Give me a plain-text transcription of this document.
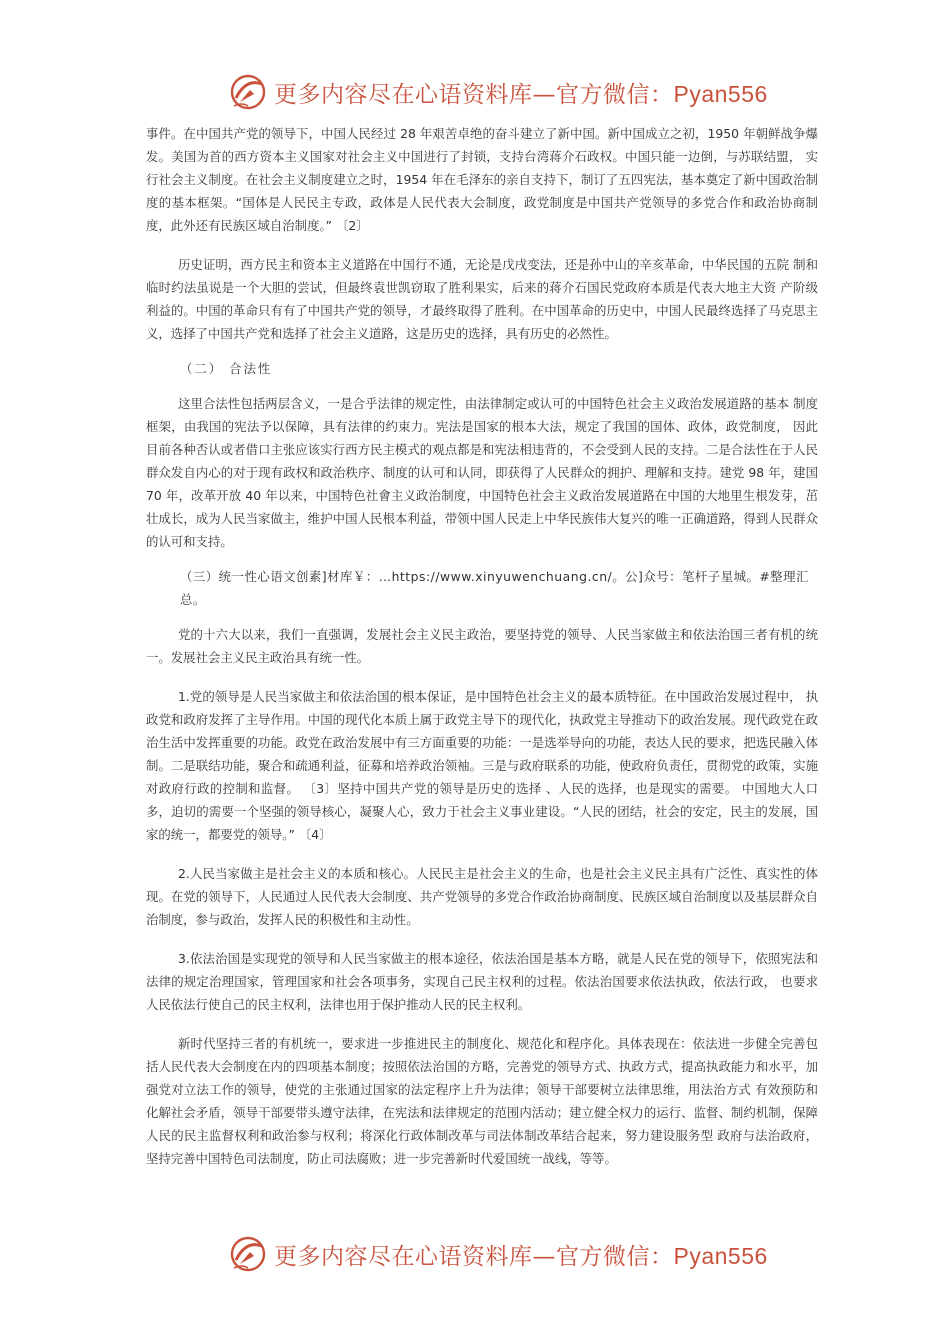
更多内容尽在心语资料库—官方微信：Pyan556

事件。在中国共产党的领导下，中国人民经过 28 年艰苦卓绝的奋斗建立了新中国。新中国成立之初，1950 年朝鲜战争爆发。美国为首的西方资本主义国家对社会主义中国进行了封锁，支持台湾蒋介石政权。中国只能一边倒，与苏联结盟， 实行社会主义制度。在社会主义制度建立之时，1954 年在毛泽东的亲自支持下，制订了五四宪法，基本奠定了新中国政治制度的基本框架。“国体是人民民主专政，政体是人民代表大会制度，政党制度是中国共产党领导的多党合作和政治协商制度，此外还有民族区域自治制度。” 〔2〕

历史证明，西方民主和资本主义道路在中国行不通，无论是戊戌变法，还是孙中山的辛亥革命，中华民国的五院 制和临时约法虽说是一个大胆的尝试，但最终袁世凯窃取了胜利果实，后来的蒋介石国民党政府本质是代表大地主大资 产阶级利益的。中国的革命只有有了中国共产党的领导，才最终取得了胜利。在中国革命的历史中，中国人民最终选择了马克思主义，选择了中国共产党和选择了社会主义道路，这是历史的选择，具有历史的必然性。

（二） 合法性

这里合法性包括两层含义，一是合乎法律的规定性，由法律制定或认可的中国特色社会主义政治发展道路的基本 制度框架，由我国的宪法予以保障，具有法律的约束力。宪法是国家的根本大法，规定了我国的国体、政体，政党制度， 因此目前各种否认或者借口主张应该实行西方民主模式的观点都是和宪法相违背的，不会受到人民的支持。二是合法性在于人民群众发自内心的对于现有政权和政治秩序、制度的认可和认同，即获得了人民群众的拥护、理解和支持。建党 98 年，建国 70 年，改革开放 40 年以来，中国特色社會主义政治制度，中国特色社会主义政治发展道路在中国的大地里生根发芽，茁壮成长，成为人民当家做主，维护中国人民根本利益，带领中国人民走上中华民族伟大复兴的唯一正确道路，得到人民群众的认可和支持。

（三）统一性心语文创素]材库￥：…https://www.xinyuwenchuang.cn/。公]众号：笔杆子星城。#整理汇总。

党的十六大以来，我们一直强调，发展社会主义民主政治，要坚持党的领导、人民当家做主和依法治国三者有机的统一。发展社会主义民主政治具有统一性。

1.党的领导是人民当家做主和依法治国的根本保证，是中国特色社会主义的最本质特征。在中国政治发展过程中， 执政党和政府发挥了主导作用。中国的现代化本质上属于政党主导下的现代化，执政党主导推动下的政治发展。现代政党在政治生活中发挥重要的功能。政党在政治发展中有三方面重要的功能：一是选举导向的功能，表达人民的要求，把选民融入体制。二是联结功能，聚合和疏通利益，征募和培养政治领袖。三是与政府联系的功能，使政府负责任，贯彻党的政策，实施对政府行政的控制和监督。 〔3〕坚持中国共产党的领导是历史的选择 、人民的选择，也是现实的需要。 中国地大人口多，迫切的需要一个坚强的领导核心，凝聚人心，致力于社会主义事业建设。“人民的团结，社会的安定，民主的发展，国家的统一，都要党的领导。” 〔4〕

2.人民当家做主是社会主义的本质和核心。人民民主是社会主义的生命，也是社会主义民主具有广泛性、真实性的体现。在党的领导下，人民通过人民代表大会制度、共产党领导的多党合作政治协商制度、民族区域自治制度以及基层群众自治制度，参与政治，发挥人民的积极性和主动性。

3.依法治国是实现党的领导和人民当家做主的根本途径，依法治国是基本方略，就是人民在党的领导下，依照宪法和法律的规定治理国家，管理国家和社会各项事务，实现自己民主权利的过程。依法治国要求依法执政，依法行政， 也要求人民依法行使自己的民主权利，法律也用于保护推动人民的民主权利。

新时代坚持三者的有机统一，要求进一步推进民主的制度化、规范化和程序化。具体表现在：依法进一步健全完善包括人民代表大会制度在内的四项基本制度；按照依法治国的方略，完善党的领导方式、执政方式，提高执政能力和水平，加强党对立法工作的领导，使党的主张通过国家的法定程序上升为法律；领导干部要树立法律思维，用法治方式 有效预防和化解社会矛盾，领导干部要带头遵守法律，在宪法和法律规定的范围内活动；建立健全权力的运行、监督、制约机制，保障人民的民主监督权利和政治参与权利；将深化行政体制改革与司法体制改革结合起来，努力建设服务型 政府与法治政府，坚持完善中国特色司法制度，防止司法腐败；进一步完善新时代爱国统一战线，等等。

更多内容尽在心语资料库—官方微信：Pyan556
